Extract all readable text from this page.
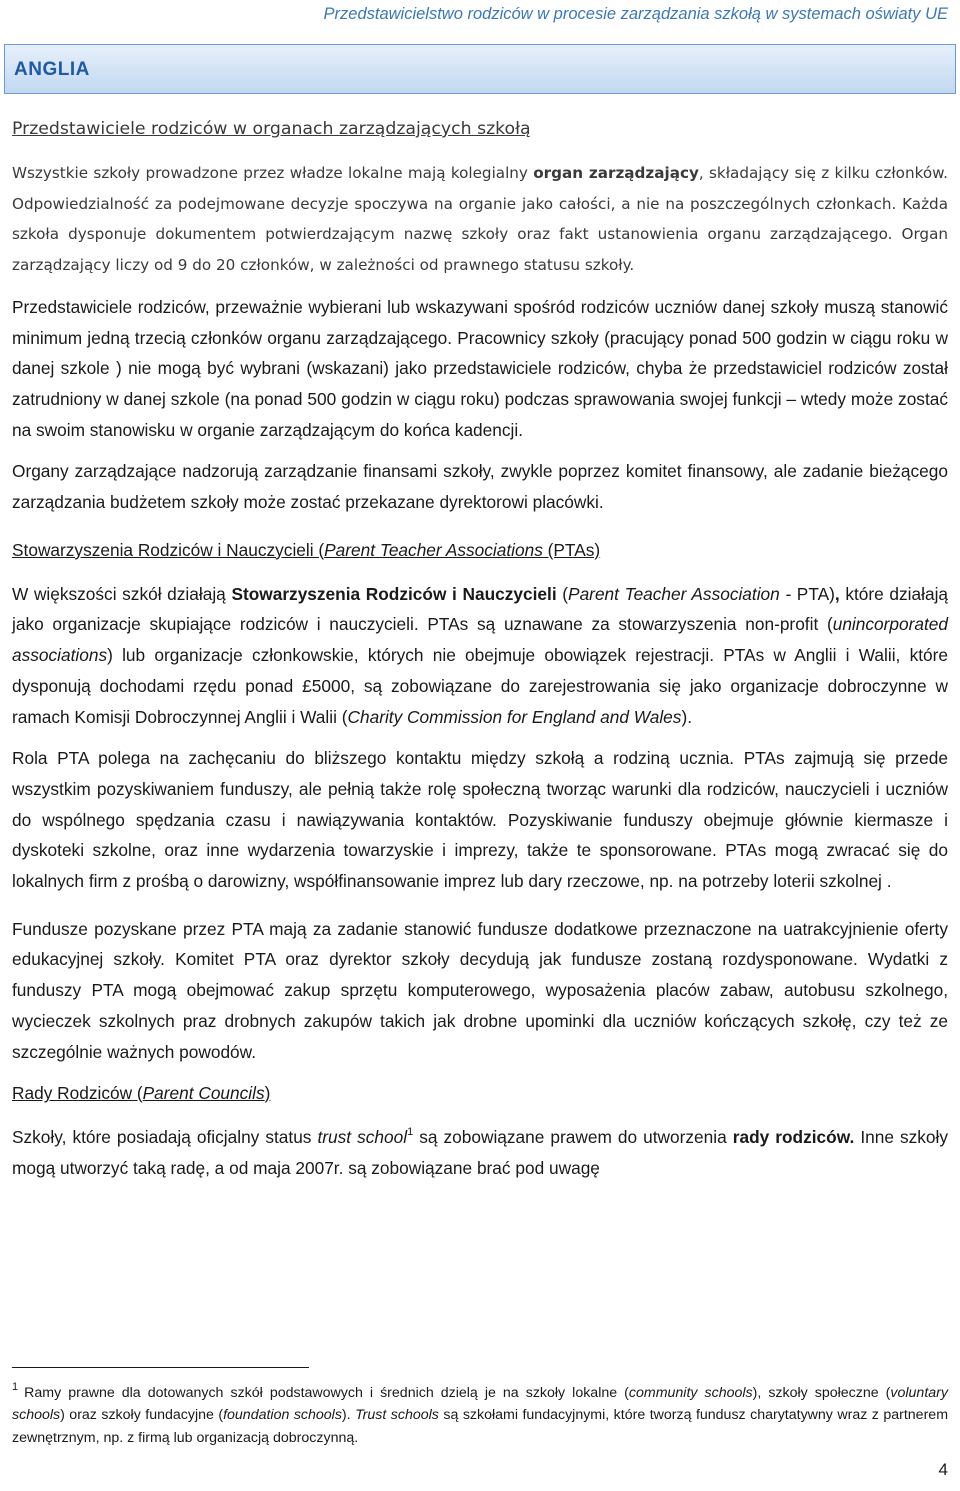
Przedstawicielstwo rodziców w procesie zarządzania szkołą w systemach oświaty UE
ANGLIA

Przedstawiciele rodziców w organach zarządzających szkołą

Wszystkie szkoły prowadzone przez władze lokalne mają kolegialny organ zarządzający, składający się z kilku członków. Odpowiedzialność za podejmowane decyzje spoczywa na organie jako całości, a nie na poszczególnych członkach. Każda szkoła dysponuje dokumentem potwierdzającym nazwę szkoły oraz fakt ustanowienia organu zarządzającego. Organ zarządzający liczy od 9 do 20 członków, w zależności od prawnego statusu szkoły.

Przedstawiciele rodziców, przeważnie wybierani lub wskazywani spośród rodziców uczniów danej szkoły muszą stanowić minimum jedną trzecią członków organu zarządzającego. Pracownicy szkoły (pracujący ponad 500 godzin w ciągu roku w danej szkole ) nie mogą być wybrani (wskazani) jako przedstawiciele rodziców, chyba że przedstawiciel rodziców został zatrudniony w danej szkole (na ponad 500 godzin w ciągu roku) podczas sprawowania swojej funkcji – wtedy może zostać na swoim stanowisku w organie zarządzającym do końca kadencji.

Organy zarządzające nadzorują zarządzanie finansami szkoły, zwykle poprzez komitet finansowy, ale zadanie bieżącego zarządzania budżetem szkoły może zostać przekazane dyrektorowi placówki.

Stowarzyszenia Rodziców i Nauczycieli (Parent Teacher Associations (PTAs)

W większości szkół działają Stowarzyszenia Rodziców i Nauczycieli (Parent Teacher Association - PTA), które działają jako organizacje skupiające rodziców i nauczycieli. PTAs są uznawane za stowarzyszenia non-profit (unincorporated associations) lub organizacje członkowskie, których nie obejmuje obowiązek rejestracji. PTAs w Anglii i Walii, które dysponują dochodami rzędu ponad £5000, są zobowiązane do zarejestrowania się jako organizacje dobroczynne w ramach Komisji Dobroczynnej Anglii i Walii (Charity Commission for England and Wales).

Rola PTA polega na zachęcaniu do bliższego kontaktu między szkołą a rodziną ucznia. PTAs zajmują się przede wszystkim pozyskiwaniem funduszy, ale pełnią także rolę społeczną tworząc warunki dla rodziców, nauczycieli i uczniów do wspólnego spędzania czasu i nawiązywania kontaktów. Pozyskiwanie funduszy obejmuje głównie kiermasze i dyskoteki szkolne, oraz inne wydarzenia towarzyskie i imprezy, także te sponsorowane. PTAs mogą zwracać się do lokalnych firm z prośbą o darowizny, współfinansowanie imprez lub dary rzeczowe, np. na potrzeby loterii szkolnej .

Fundusze pozyskane przez PTA mają za zadanie stanowić fundusze dodatkowe przeznaczone na uatrakcyjnienie oferty edukacyjnej szkoły. Komitet PTA oraz dyrektor szkoły decydują jak fundusze zostaną rozdysponowane. Wydatki z funduszy PTA mogą obejmować zakup sprzętu komputerowego, wyposażenia placów zabaw, autobusu szkolnego, wycieczek szkolnych praz drobnych zakupów takich jak drobne upominki dla uczniów kończących szkołę, czy też ze szczególnie ważnych powodów.

Rady Rodziców (Parent Councils)

Szkoły, które posiadają oficjalny status trust school$^1$ są zobowiązane prawem do utworzenia rady rodziców. Inne szkoły mogą utworzyć taką radę, a od maja 2007r. są zobowiązane brać pod uwagę

$^1$ Ramy prawne dla dotowanych szkół podstawowych i średnich dzielą je na szkoły lokalne (community schools), szkoły społeczne (voluntary schools) oraz szkoły fundacyjne (foundation schools). Trust schools są szkołami fundacyjnymi, które tworzą fundusz charytatywny wraz z partnerem zewnętrznym, np. z firmą lub organizacją dobroczynną.

4
